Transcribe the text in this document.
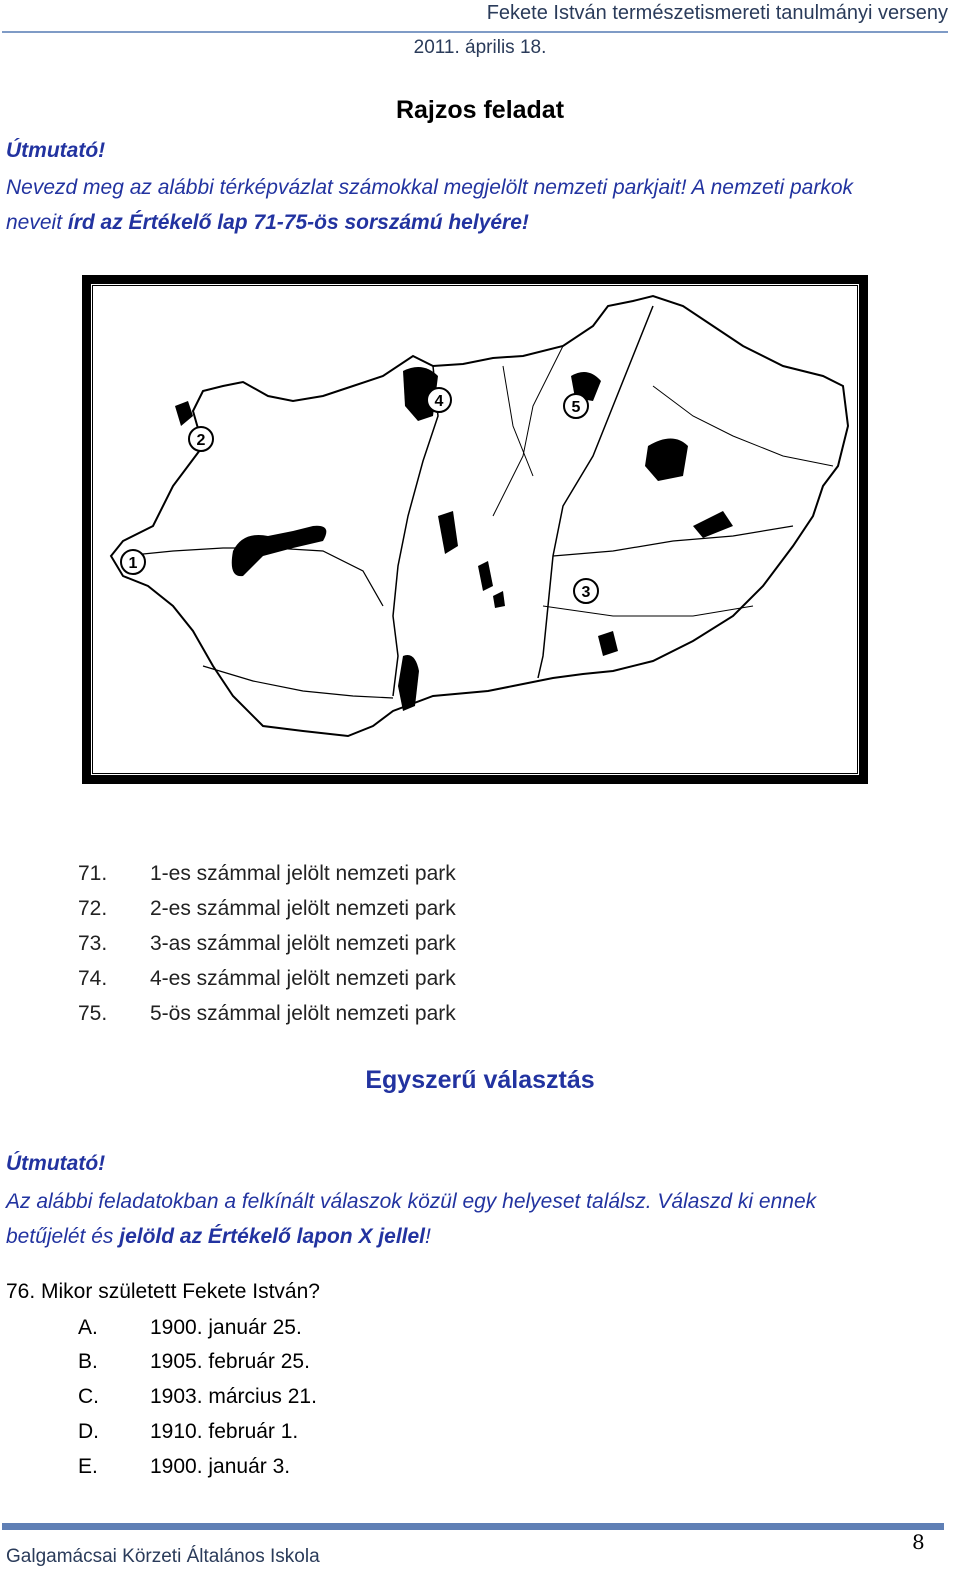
Fekete István természetismereti tanulmányi verseny
2011. április 18.
Rajzos feladat
Útmutató!
Nevezd meg az alábbi térképvázlat számokkal megjelölt nemzeti parkjait! A nemzeti parkok
neveit írd az Értékelő lap 71-75-ös sorszámú helyére!
1
2
3
4	5
71. 1-es számmal jelölt nemzeti park
72. 2-es számmal jelölt nemzeti park
73. 3-as számmal jelölt nemzeti park
74. 4-es számmal jelölt nemzeti park
75. 5-ös számmal jelölt nemzeti park
Egyszerű választás
Útmutató!
Az alábbi feladatokban a felkínált válaszok közül egy helyeset találsz. Válaszd ki ennek
betűjelét és jelöld az Értékelő lapon X jellel!
76. Mikor született Fekete István?
A. 1900. január 25.
B. 1905. február 25.
C. 1903. március 21.
D. 1910. február 1.
E. 1900. január 3.
Galgamácsai Körzeti Általános Iskola
8
